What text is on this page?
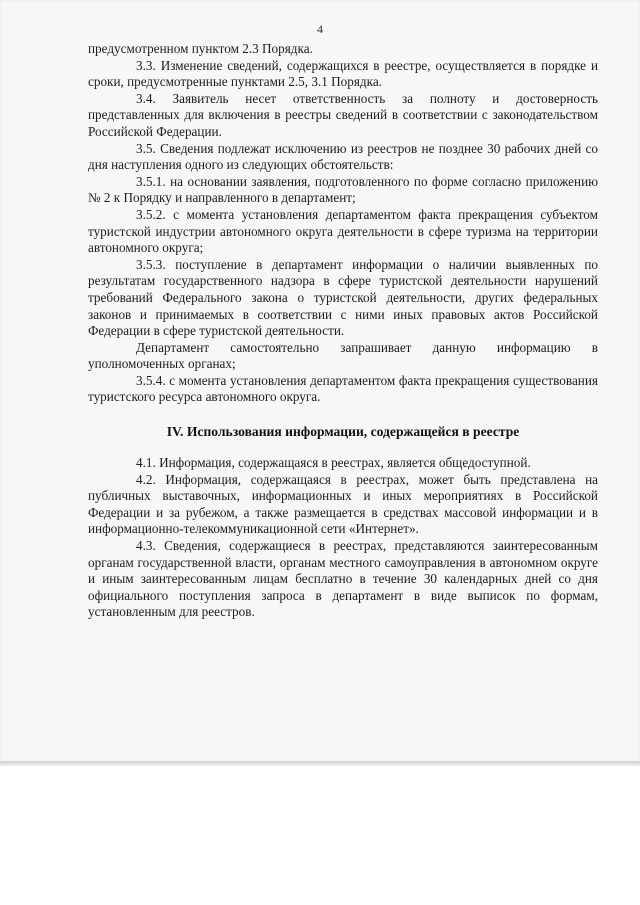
4

предусмотренном пунктом 2.3 Порядка.

3.3. Изменение сведений, содержащихся в реестре, осуществляется в порядке и сроки, предусмотренные пунктами 2.5, 3.1 Порядка.

3.4. Заявитель несет ответственность за полноту и достоверность представленных для включения в реестры сведений в соответствии с законодательством Российской Федерации.

3.5. Сведения подлежат исключению из реестров не позднее 30 рабочих дней со дня наступления одного из следующих обстоятельств:

3.5.1. на основании заявления, подготовленного по форме согласно приложению № 2 к Порядку и направленного в департамент;

3.5.2. с момента установления департаментом факта прекращения субъектом туристской индустрии автономного округа деятельности в сфере туризма на территории автономного округа;

3.5.3. поступление в департамент информации о наличии выявленных по результатам государственного надзора в сфере туристской деятельности нарушений требований Федерального закона о туристской деятельности, других федеральных законов и принимаемых в соответствии с ними иных правовых актов Российской Федерации в сфере туристской деятельности.

Департамент самостоятельно запрашивает данную информацию в уполномоченных органах;

3.5.4. с момента установления департаментом факта прекращения существования туристского ресурса автономного округа.

IV. Использования информации, содержащейся в реестре

4.1. Информация, содержащаяся в реестрах, является общедоступной.

4.2. Информация, содержащаяся в реестрах, может быть представлена на публичных выставочных, информационных и иных мероприятиях в Российской Федерации и за рубежом, а также размещается в средствах массовой информации и в информационно-телекоммуникационной сети «Интернет».

4.3. Сведения, содержащиеся в реестрах, представляются заинтересованным органам государственной власти, органам местного самоуправления в автономном округе и иным заинтересованным лицам бесплатно в течение 30 календарных дней со дня официального поступления запроса в департамент в виде выписок по формам, установленным для реестров.
